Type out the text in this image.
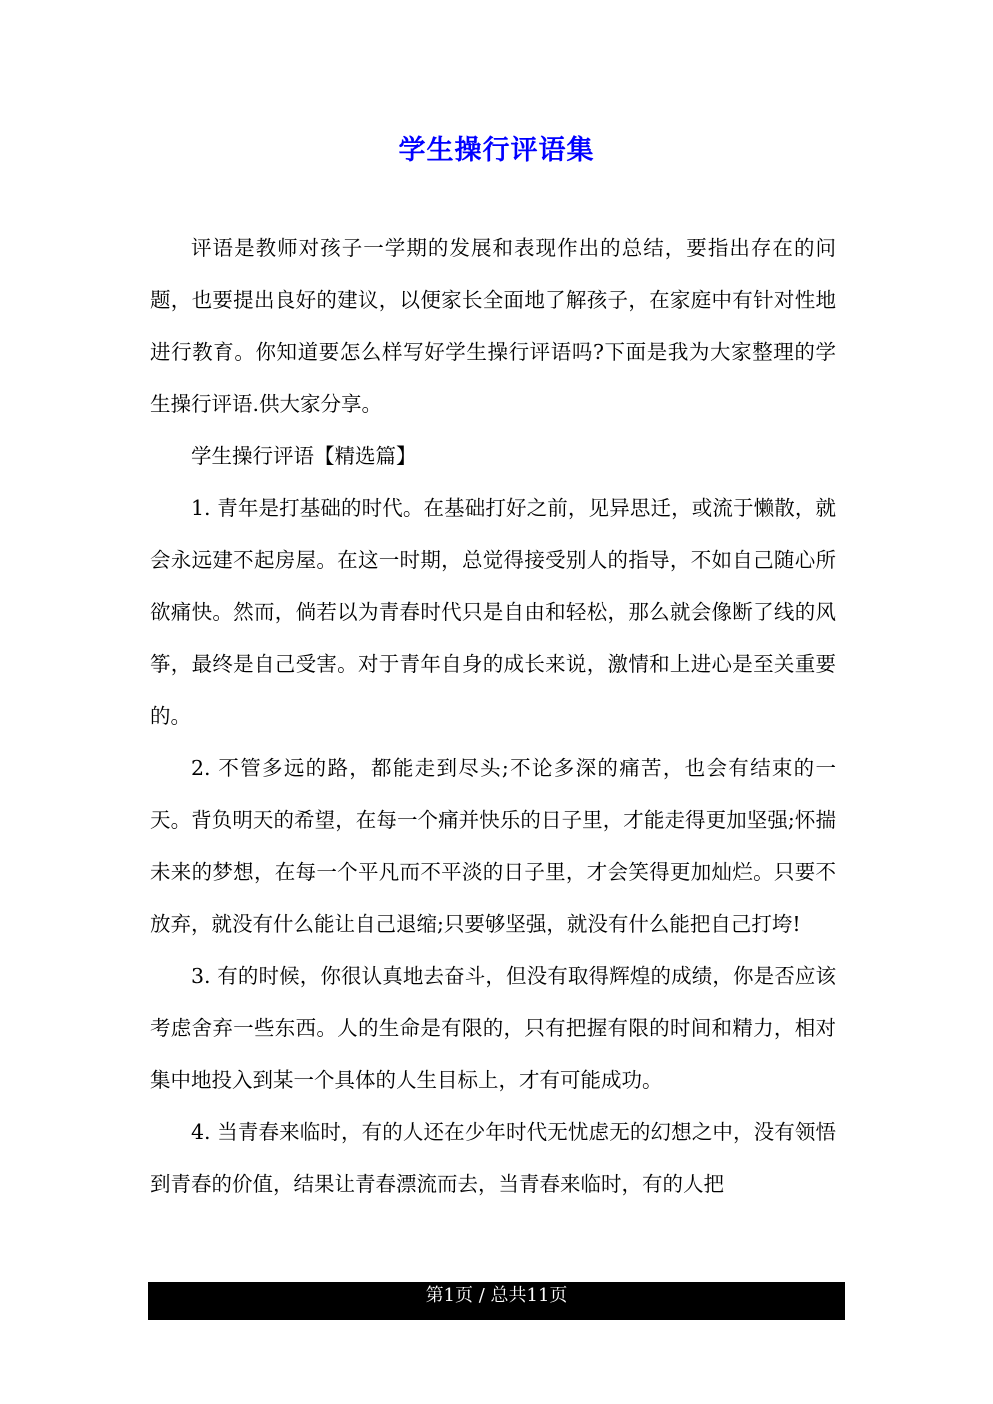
学生操行评语集

评语是教师对孩子一学期的发展和表现作出的总结，要指出存在的问题，也要提出良好的建议，以便家长全面地了解孩子，在家庭中有针对性地进行教育。你知道要怎么样写好学生操行评语吗?下面是我为大家整理的学生操行评语.供大家分享。

学生操行评语【精选篇】

1. 青年是打基础的时代。在基础打好之前，见异思迁，或流于懒散，就会永远建不起房屋。在这一时期，总觉得接受别人的指导，不如自己随心所欲痛快。然而，倘若以为青春时代只是自由和轻松，那么就会像断了线的风筝，最终是自己受害。对于青年自身的成长来说，激情和上进心是至关重要的。

2. 不管多远的路，都能走到尽头;不论多深的痛苦，也会有结束的一天。背负明天的希望，在每一个痛并快乐的日子里，才能走得更加坚强;怀揣未来的梦想，在每一个平凡而不平淡的日子里，才会笑得更加灿烂。只要不放弃，就没有什么能让自己退缩;只要够坚强，就没有什么能把自己打垮!

3. 有的时候，你很认真地去奋斗，但没有取得辉煌的成绩，你是否应该考虑舍弃一些东西。人的生命是有限的，只有把握有限的时间和精力，相对集中地投入到某一个具体的人生目标上，才有可能成功。

4. 当青春来临时，有的人还在少年时代无忧虑无的幻想之中，没有领悟到青春的价值，结果让青春漂流而去，当青春来临时，有的人把

第1页 / 总共11页
